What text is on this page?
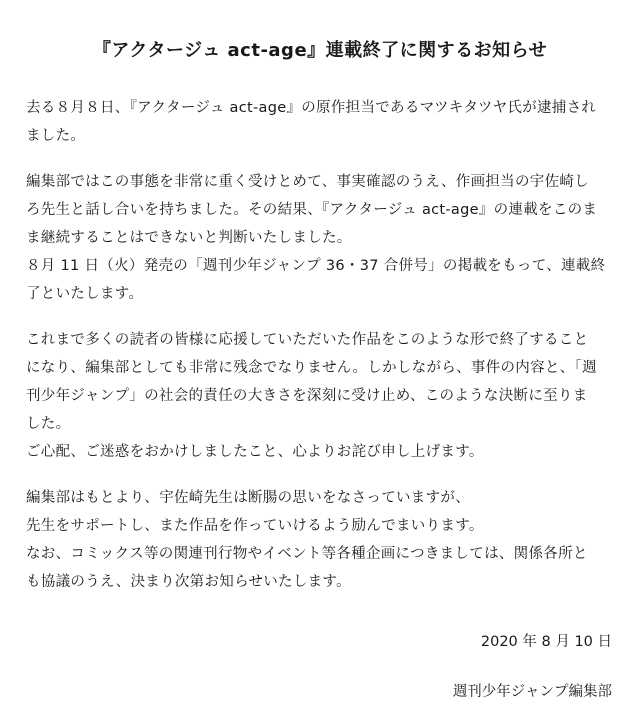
『アクタージュ act-age』連載終了に関するお知らせ
去る８月８日、『アクタージュ act-age』の原作担当であるマツキタツヤ氏が逮捕され
ました。
編集部ではこの事態を非常に重く受けとめて、事実確認のうえ、作画担当の宇佐崎し
ろ先生と話し合いを持ちました。その結果、『アクタージュ act-age』の連載をこのま
ま継続することはできないと判断いたしました。
８月 11 日（火）発売の「週刊少年ジャンプ 36・37 合併号」の掲載をもって、連載終
了といたします。
これまで多くの読者の皆様に応援していただいた作品をこのような形で終了すること
になり、編集部としても非常に残念でなりません。しかしながら、事件の内容と、「週
刊少年ジャンプ」の社会的責任の大きさを深刻に受け止め、このような決断に至りま
した。
ご心配、ご迷惑をおかけしましたこと、心よりお詫び申し上げます。
編集部はもとより、宇佐崎先生は断腸の思いをなさっていますが、
先生をサポートし、また作品を作っていけるよう励んでまいります。
なお、コミックス等の関連刊行物やイベント等各種企画につきましては、関係各所と
も協議のうえ、決まり次第お知らせいたします。
2020 年 8 月 10 日
週刊少年ジャンプ編集部
